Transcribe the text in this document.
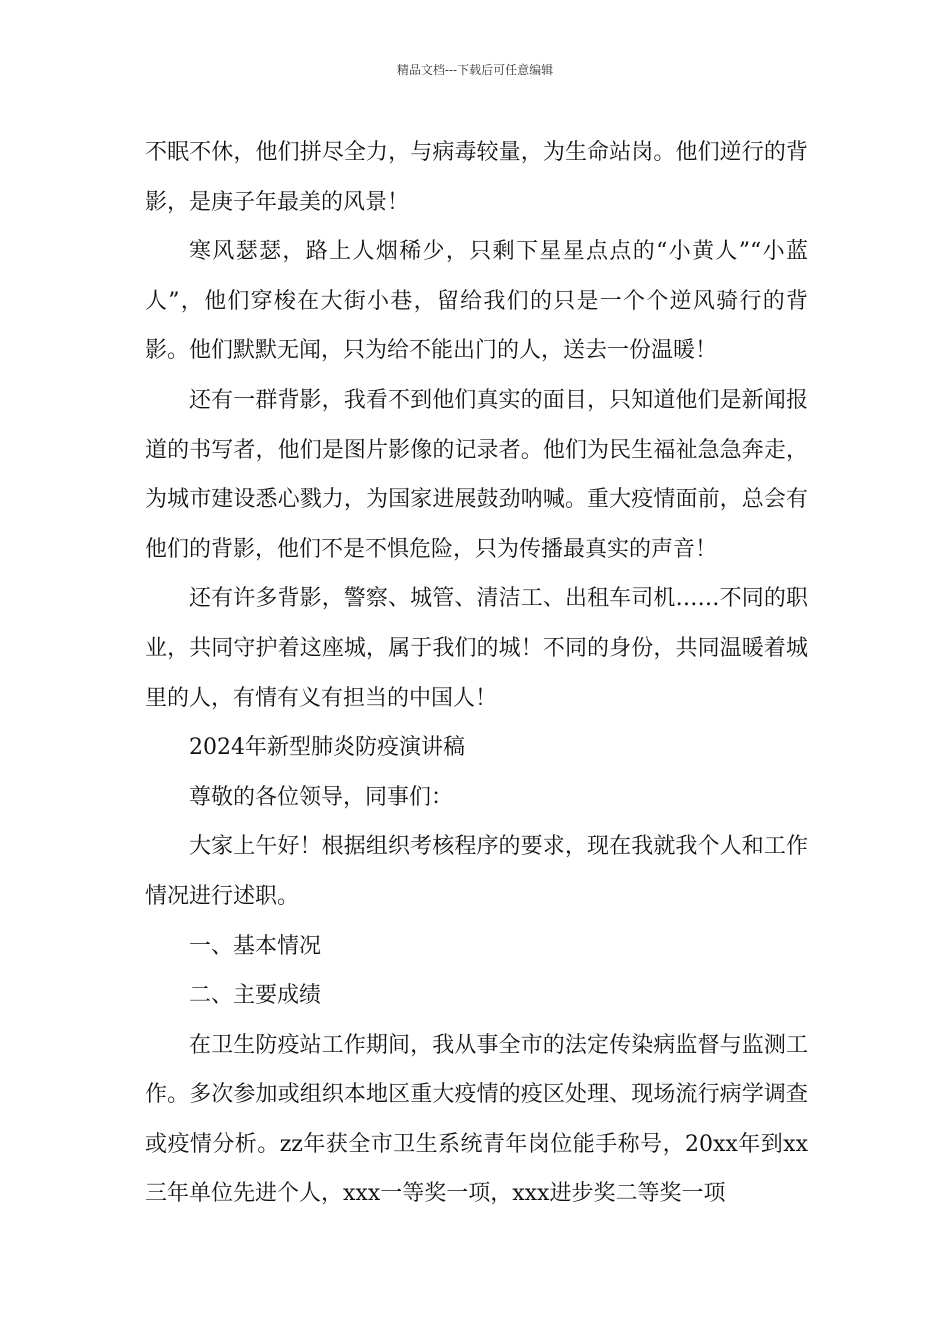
精品文档---下载后可任意编辑

不眠不休，他们拼尽全力，与病毒较量，为生命站岗。他们逆行的背影，是庚子年最美的风景！

寒风瑟瑟，路上人烟稀少，只剩下星星点点的“小黄人”“小蓝人”，他们穿梭在大街小巷，留给我们的只是一个个逆风骑行的背影。他们默默无闻，只为给不能出门的人，送去一份温暖！

还有一群背影，我看不到他们真实的面目，只知道他们是新闻报道的书写者，他们是图片影像的记录者。他们为民生福祉急急奔走，为城市建设悉心戮力，为国家进展鼓劲呐喊。重大疫情面前，总会有他们的背影，他们不是不惧危险，只为传播最真实的声音！

还有许多背影，警察、城管、清洁工、出租车司机……不同的职业，共同守护着这座城，属于我们的城！不同的身份，共同温暖着城里的人，有情有义有担当的中国人！

2024年新型肺炎防疫演讲稿

尊敬的各位领导，同事们：

大家上午好！根据组织考核程序的要求，现在我就我个人和工作情况进行述职。

一、基本情况

二、主要成绩

在卫生防疫站工作期间，我从事全市的法定传染病监督与监测工作。多次参加或组织本地区重大疫情的疫区处理、现场流行病学调查或疫情分析。zz年获全市卫生系统青年岗位能手称号，20xx年到xx三年单位先进个人，xxx一等奖一项，xxx进步奖二等奖一项
